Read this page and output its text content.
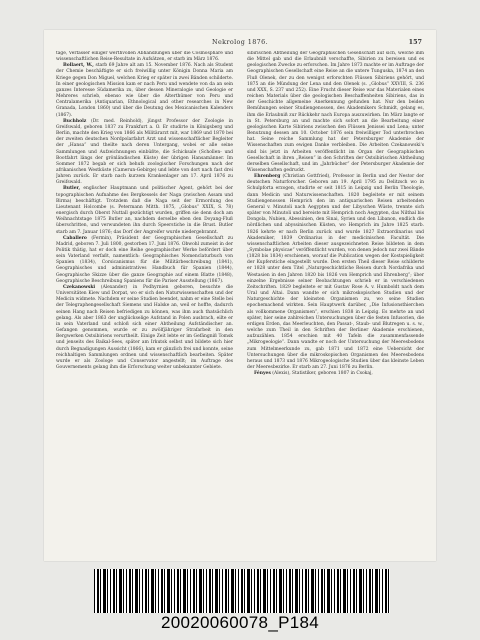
Nekrolog 1876.	157

tage, Verfasser einiger werthvollen Abhandlungen über die Cosmosphäre und wissenschaftlichen Reise-Resultate in Aufsätzen, er starb im März 1876.

Bollaert, W., starb 69 Jahre alt am 15. November 1876. Nach als Student der Chemie beschäftigte er sich freiwillig unter Königin Donna Maria am Kriege gegen Don Miguel, welchen Krieg er später in zwei Bänden schilderte. In einer geologischen Mission kam er nach Peru und wendete von da an sein ganzes Interesse Südamerika zu, über dessen Mineralogie und Geologie er Mehreres schrieb, ebenso wie über die Alterthümer von Peru und Centralamerika (Antiquarian, Ethnological and other researches in New Granada, London 1860) und über die Deutung des Mexicanischen Kalenders (1867).

Buchholz (Dr. med. Reinhold), jüngst Professor der Zoologie in Greifswald, geboren 1837 zu Frankfurt a. O. Er studirte in Königsberg und Berlin, machte den Krieg von 1866 als Militärarzt mit, war 1869 und 1870 bei der zweiten deutschen Nordpolarfahrt Arzt und wissenschaftlicher Begleiter der „Hansa“ und theilte nach deren Untergang, wobei er alle seine Sammlungen und Aufzeichnungen einbüßte, die Schicksale (Schollen- und Bootfahrt längs der grönländischen Küste) der übrigen Hansamänner. Im Sommer 1872 begab er sich behufs zoologischer Forschungen nach der afrikanischen Westküste (Camerun-Gebirge) und lebte von dort nach fast drei Jahren zurück. Er starb nach kurzem Krankenlager am 17. April 1876 zu Greifswald.

Butler, englischer Hauptmann und politischer Agent, gehört bei der topographischen Aufnahme des Bergkessels der Naga (zwischen Assam und Birma) beschäftigt. Trotzdem daß die Naga seit der Ermordung des Lieutenant Holcombe (s. Petermann Mitth. 1875, „Globus“ XXIX, S. 78) energisch durch Oberst Nuttall gezüchtigt wurden, griffen sie denn doch am Weihnachtstage 1875 Butler an, nachdem derselbe eben den Doyang-Fluß überschritten, und verwundeten ihn durch Speerstiche in die Brust. Butler starb am 7. Januar 1876; das Dorf der Angreifer wurde niedergebrannt.

Caballero (Fermin), Präsident der Geographischen Gesellschaft zu Madrid, geboren 7. Juli 1800, gestorben 17. Juni 1876. Obwohl zumeist in der Politik thätig, hat er doch eine Reihe geographischer Werke befördert über sein Vaterland verfaßt, namentlich: Geographisches Nomenclaturbuch von Spanien (1834), Corsicanismus für die Militärbeschreibung (1841), Geographisches und administratives Handbuch für Spanien (1844), Geographische Skizze über die ganze Geographie auf einem Blatte (1848), Geographische Beschreibung Spaniens für die Pariser Ausstellung (1867).

Czekanowski (Alexander) in Podhyrnien geboren, besuchte die Universitäten Kiew und Dorpat, wo er sich den Naturwissenschaften und der Medicin widmete. Nachdem er seine Studien beendet, nahm er eine Stelle bei der Telegraphengesellschaft Siemens und Halske an, weil er hoffte, dadurch seinen Hang nach Reisen befriedigen zu können, was ihm auch thatsächlich gelang. Als aber 1863 der unglückselige Aufstand in Polen ausbrach, eilte er in sein Vaterland und schloß sich einer Abtheilung Aufständischer an. Gefangen genommen, wurde er zu zwölfjähriger Strafarbeit in den Bergwerken Ostsibiriens verurtheilt. Einige Zeit lebte er im Gefängniß Tomsk und jenseits des Baikal-Sees, später am Irkutsk selbst und bildete sich hier durch Begnadigungen Aussicht (1866), kam er gänzlich frei und konnte, seine reichhaltigen Sammlungen ordnen und wissenschaftlich bearbeiten. Später wurde er als Zoologe und Conservator angestellt; im Auftrage des Gouvernements gelang ihm die Erforschung weiter unbekannter Gebiete.

sibirischen Abtheilung der Geographischen Gesellschaft auf sich, welche ihm die Mittel gab und die Erlaubniß verschaffte, Sibirien zu bereisen und es geologischen Zwecke zu erforschen. Im Jahre 1873 machte er im Auftrage der Geographischen Gesellschaft eine Reise an die untere Tunguska, 1874 an den Fluß Olenek, der zu den wenigst erforschten Flüssen Sibiriens gehört, und 1875 an die Mündung der Lena und den Olenek (s. „Globus“ XXVIII, S. 236 und XXX, S. 237 und 252). Eine Frucht dieser Reise war das Materialen eines reichen Materials über die geologischen Beschaffenheiten Sibiriens, das in der Geschichte allgemeine Anerkennung gefunden hat. Nur den beiden Bemühungen seiner Studiengenossen, des Akademikers Schmidt, gelang es, ihm die Erlaubniß zur Rückkehr nach Europa auszuwirken. Im März langte er in St. Petersburg an und machte sich sofort an die Bearbeitung einer geologischen Karte Sibiriens zwischen den Flüssen Jenissei und Lena; unter Benutzung dessen am 10. October 1876 sein freiwilliger Tod unterbrochen hat. Seine reiche Sammlung hat der Petersburger Akademie der Wissenschaften zum ewigen Danke verbleiben. Die Arbeiten Czekanowski's sind bis jetzt in Arbeiten veröffentlicht im Organ der Geographischen Gesellschaft in ihren „Reisen“ in den Schriften der Ostsibirischen Abtheilung derselben Gesellschaft, und im „Jahrbücher“ der Petersburger Akademie der Wissenschaften gedruckt.

Ehrenberg (Christian Gottfried), Professor in Berlin und der Nestor der deutschen Naturforscher. Geboren am 19. April 1795 zu Delitzsch wo in Schulpforta erzogen, studirte er seit 1815 in Leipzig und Berlin Theologie, dann Medicin und Naturwissenschaften. 1820 begleitete er mit seinem Studiengenossen Hemprich den im antiquarischen Reisen arbeitenden General v. Minutoli nach Aegypten und der Libyschen Wüste, trennte sich später von Minutoli und bereiste mit Hemprich noch Aegypten, das Nilthal bis Dongola, Nubien, Abessinien, den Sinai, Syrien und den Libanon, endlich die nördlichen und abyssinischen Küsten, wo Hemprich im Jahre 1825 starb. 1826 kehrte er nach Berlin zurück und wurde 1827 Extraordinarius und Akademiker, 1839 Ordinarius in der medicinischen Facultät. Die wissenschaftlichen Arbeiten dieser ausgezeichneten Reise bildeten in dem „Symbolae physicae“ veröffentlicht wurden, von denen jedoch nur zwei Bände (1828 bis 1834) erschienen, worauf die Publication wegen der Kostspieligkeit der Kupferstiche eingestellt wurde. Den ersten Theil dieser Reise schilderte er 1828 unter dem Titel „Naturgeschichtliche Reisen durch Nordafrika und Westasien in den Jahren 1820 bis 1826 von Hemprich und Ehrenberg“; über einzelne Ergebnisse seiner Beobachtungen schrieb er in verschiedenen Zeitschriften. 1829 begleitete er mit Gustav Rose A. v. Humboldt nach dem Ural und Altai. Dann wandte er sich mikroskopischen Studien und der Naturgeschichte der kleinsten Organismen zu, wo seine Studien epochemachend wirkten. Sein Hauptwerk darüber, „Die Infusionsthierchen als vollkommene Organismen“, erschien 1838 in Leipzig. Es mehrte an und später, hier seine zahlreichen Untersuchungen über die festen Infusorien, die erdigen Erden, das Meerleuchten, den Passat-, Staub- und Blutregen u. s. w., welche zum Theil in den Schriften der Berliner Akademie erschienen, aufzuzählen. 1854 erschien mit 40 Tafeln die zusammenfassende „Mikrogeologie“. Dann wandte er noch der Untersuchung der Meeresbodens zum Mittelmeerkunde zu, gab 1871 und 1872 eine Uebersicht der Untersuchungen über die mikroskopischen Organismen des Meeresbodens heraus und 1873 und 1876 Mikrogeologische Studien über das kleinste Leben der Meeresbezirke. Er starb am 27. Juni 1876 zu Berlin.

Fényes (Alexis), Statistiker, geboren 1807 in Csokaj,

20020060078_P184
